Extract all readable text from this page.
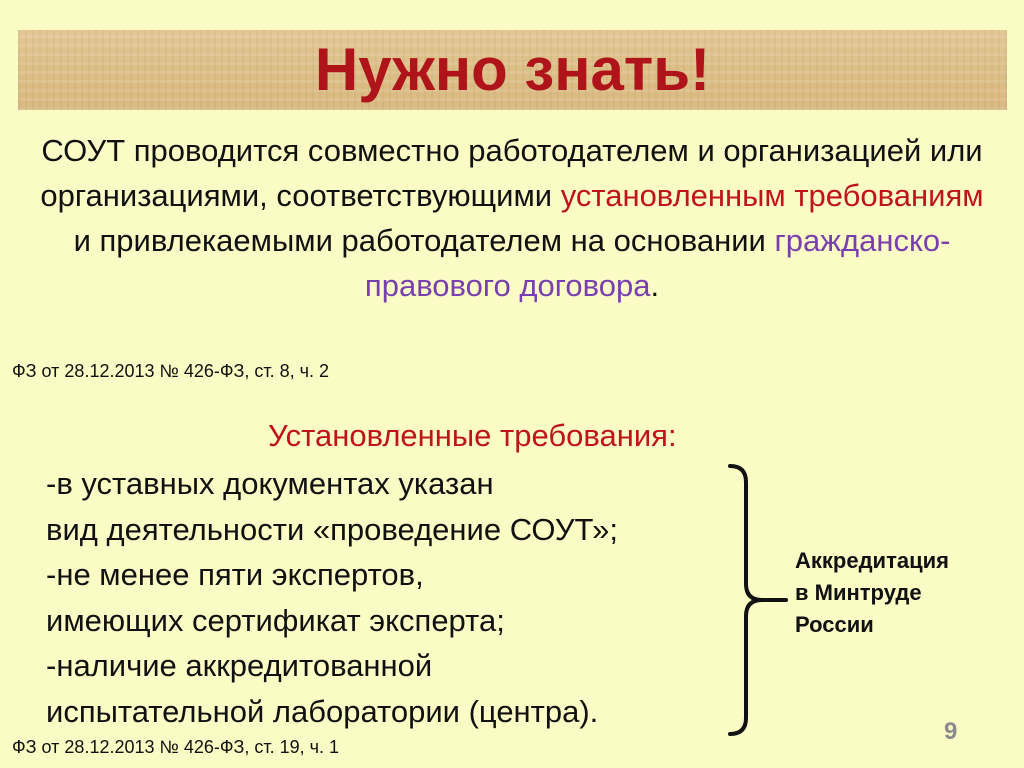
Нужно знать!
СОУТ проводится совместно работодателем и организацией или организациями, соответствующими установленным требованиям и привлекаемыми работодателем на основании гражданско-правового договора.
ФЗ от 28.12.2013 № 426-ФЗ, ст. 8, ч. 2
Установленные требования:
-в уставных документах указан
вид деятельности «проведение СОУТ»;
-не менее пяти экспертов,
имеющих сертификат эксперта;
-наличие аккредитованной
испытательной лаборатории (центра).
Аккредитация
в Минтруде
России
ФЗ от 28.12.2013 № 426-ФЗ, ст. 19, ч. 1
9
